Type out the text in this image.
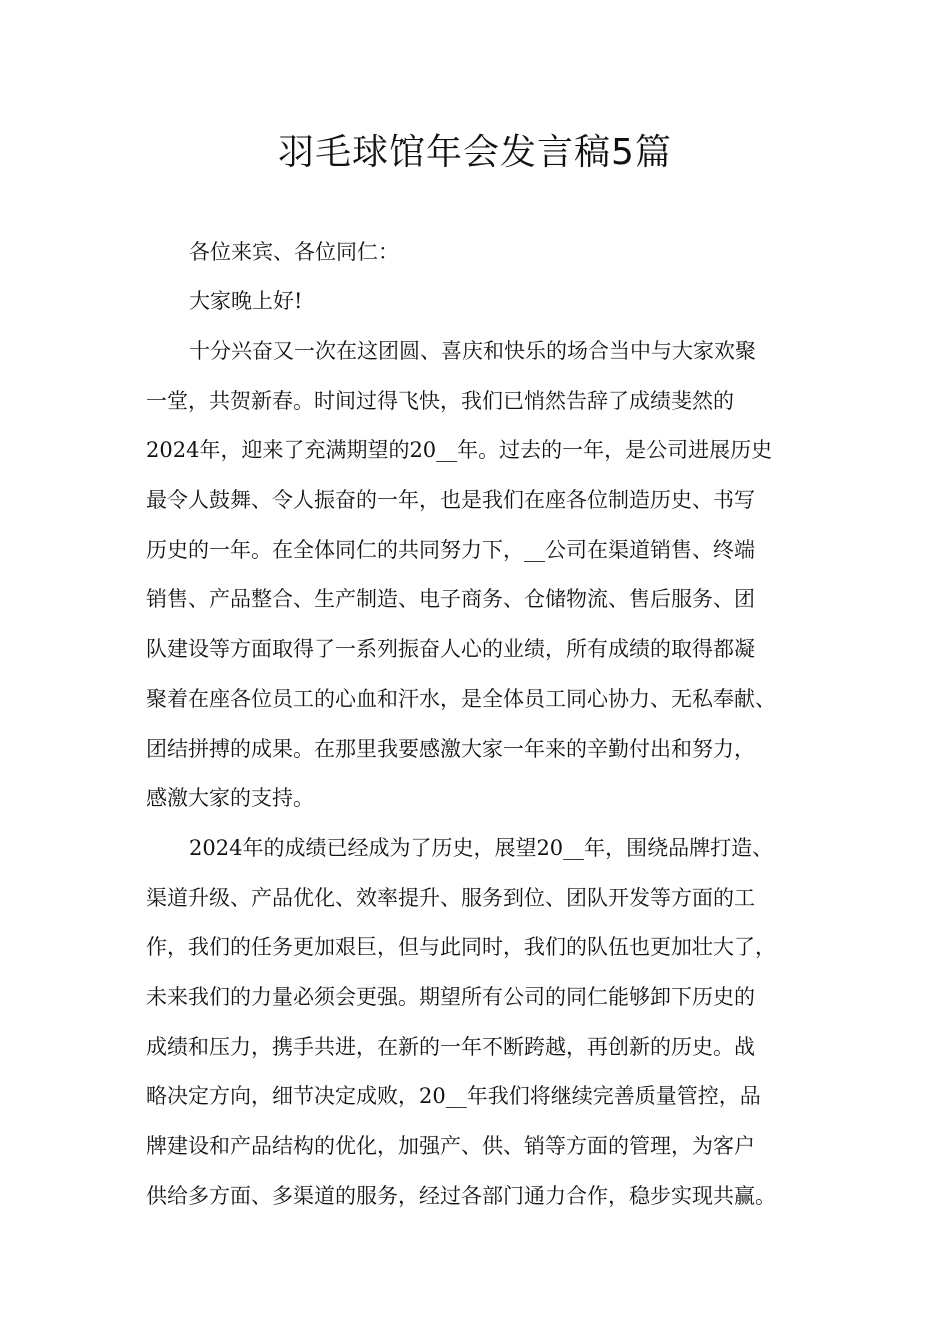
羽毛球馆年会发言稿5篇

各位来宾、各位同仁：

大家晚上好!

十分兴奋又一次在这团圆、喜庆和快乐的场合当中与大家欢聚

一堂，共贺新春。时间过得飞快，我们已悄然告辞了成绩斐然的

2024年，迎来了充满期望的20__年。过去的一年，是公司进展历史

最令人鼓舞、令人振奋的一年，也是我们在座各位制造历史、书写

历史的一年。在全体同仁的共同努力下，__公司在渠道销售、终端

销售、产品整合、生产制造、电子商务、仓储物流、售后服务、团

队建设等方面取得了一系列振奋人心的业绩，所有成绩的取得都凝

聚着在座各位员工的心血和汗水，是全体员工同心协力、无私奉献、

团结拼搏的成果。在那里我要感激大家一年来的辛勤付出和努力，

感激大家的支持。

2024年的成绩已经成为了历史，展望20__年，围绕品牌打造、

渠道升级、产品优化、效率提升、服务到位、团队开发等方面的工

作，我们的任务更加艰巨，但与此同时，我们的队伍也更加壮大了，

未来我们的力量必须会更强。期望所有公司的同仁能够卸下历史的

成绩和压力，携手共进，在新的一年不断跨越，再创新的历史。战

略决定方向，细节决定成败，20__年我们将继续完善质量管控，品

牌建设和产品结构的优化，加强产、供、销等方面的管理，为客户

供给多方面、多渠道的服务，经过各部门通力合作，稳步实现共赢。
